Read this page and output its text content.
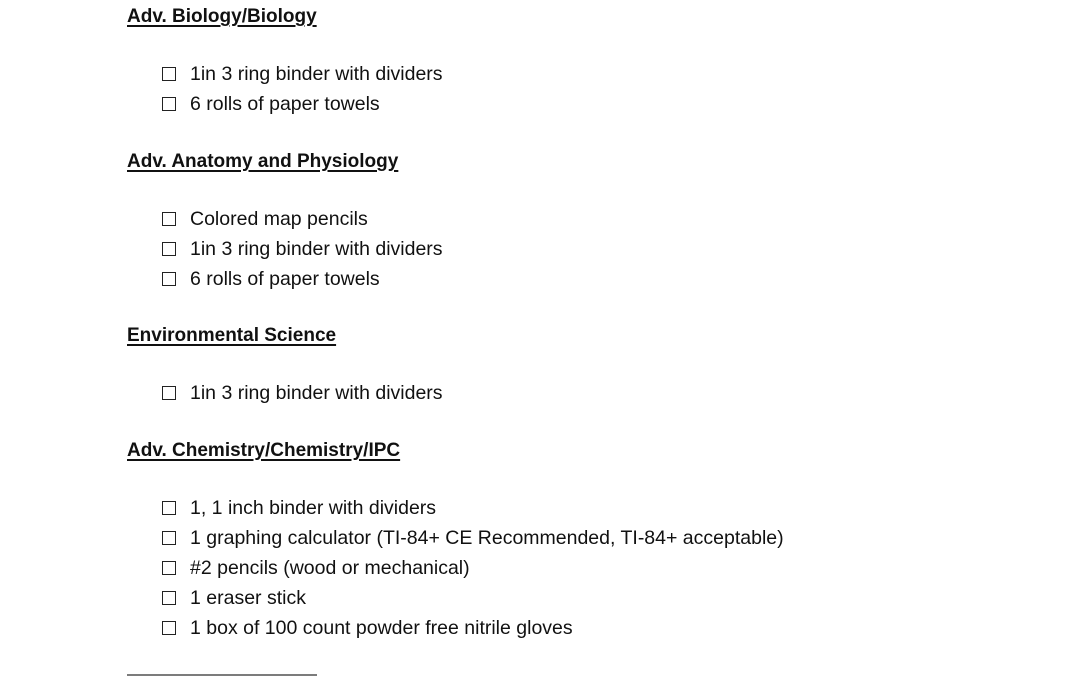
Adv. Biology/Biology
1in 3 ring binder with dividers
6 rolls of paper towels
Adv. Anatomy and Physiology
Colored map pencils
1in 3 ring binder with dividers
6 rolls of paper towels
Environmental Science
1in 3 ring binder with dividers
Adv. Chemistry/Chemistry/IPC
1, 1 inch binder with dividers
1 graphing calculator (TI-84+ CE Recommended, TI-84+ acceptable)
#2 pencils (wood or mechanical)
1 eraser stick
1 box of 100 count powder free nitrile gloves
